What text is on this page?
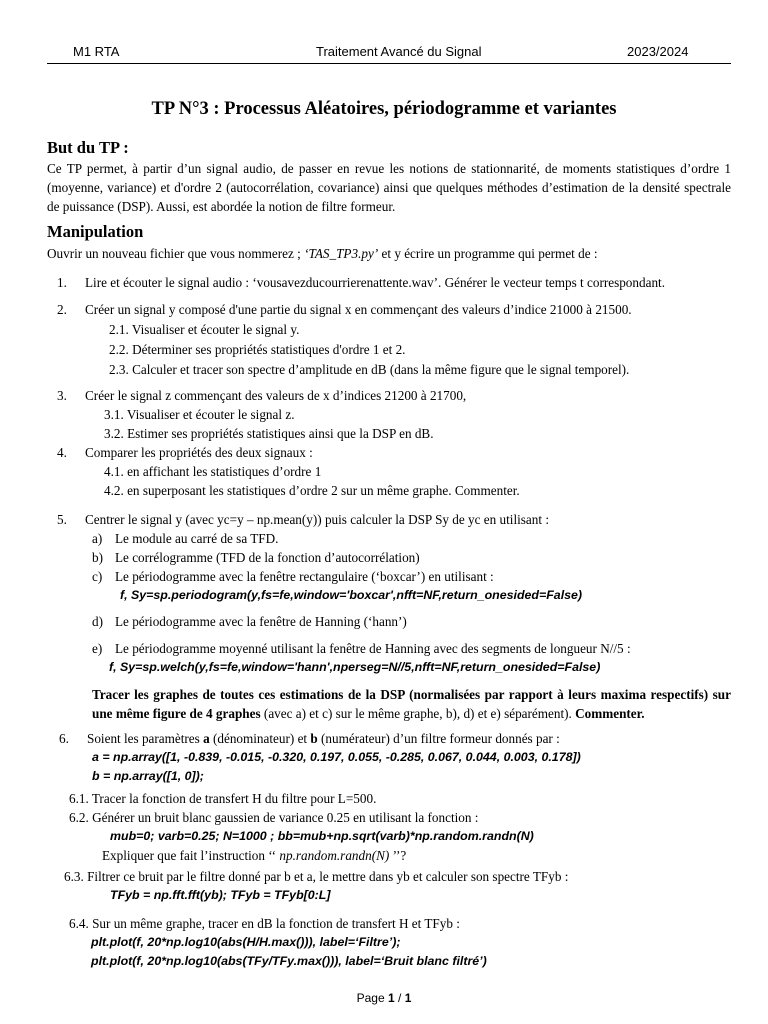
M1 RTA	Traitement Avancé du Signal	2023/2024
TP N°3 : Processus Aléatoires, périodogramme et variantes
But du TP :

Ce TP permet, à partir d’un signal audio, de passer en revue les notions de stationnarité, de moments statistiques d’ordre 1 (moyenne, variance) et d'ordre 2 (autocorrélation, covariance) ainsi que quelques méthodes d’estimation de la densité spectrale de puissance (DSP). Aussi, est abordée la notion de filtre formeur.

Manipulation

Ouvrir un nouveau fichier que vous nommerez ; ‘TAS_TP3.py’ et y écrire un programme qui permet de :

1. Lire et écouter le signal audio : ‘vousavezducourrierenattente.wav’. Générer le vecteur temps t correspondant.
2. Créer un signal y composé d'une partie du signal x en commençant des valeurs d’indice 21000 à 21500.

2.1. Visualiser et écouter le signal y.

2.2. Déterminer ses propriétés statistiques d'ordre 1 et 2.

2.3. Calculer et tracer son spectre d’amplitude en dB (dans la même figure que le signal temporel).

3. Créer le signal z commençant des valeurs de x d’indices 21200 à 21700,

3.1. Visualiser et écouter le signal z.

3.2. Estimer ses propriétés statistiques ainsi que la DSP en dB.

4. Comparer les propriétés des deux signaux :

4.1. en affichant les statistiques d’ordre 1

4.2. en superposant les statistiques d’ordre 2 sur un même graphe. Commenter.

5. Centrer le signal y (avec yc=y – np.mean(y)) puis calculer la DSP Sy de yc en utilisant :
a) Le module au carré de sa TFD.
b) Le corrélogramme (TFD de la fonction d’autocorrélation)
c) Le périodogramme avec la fenêtre rectangulaire (‘boxcar’) en utilisant :

f, Sy=sp.periodogram(y,fs=fe,window='boxcar',nfft=NF,return_onesided=False)

d) Le périodogramme avec la fenêtre de Hanning (‘hann’)
e) Le périodogramme moyenné utilisant la fenêtre de Hanning avec des segments de longueur N//5 :

f, Sy=sp.welch(y,fs=fe,window='hann',nperseg=N//5,nfft=NF,return_onesided=False)

Tracer les graphes de toutes ces estimations de la DSP (normalisées par rapport à leurs maxima respectifs) sur une même figure de 4 graphes (avec a) et c) sur le même graphe, b), d) et e) séparément). Commenter.

6. Soient les paramètres a (dénominateur) et b (numérateur) d’un filtre formeur donnés par :

a = np.array([1, -0.839, -0.015, -0.320, 0.197, 0.055, -0.285, 0.067, 0.044, 0.003, 0.178])

b = np.array([1, 0]);

6.1. Tracer la fonction de transfert H du filtre pour L=500.

6.2. Générer un bruit blanc gaussien de variance 0.25 en utilisant la fonction :

mub=0; varb=0.25; N=1000 ; bb=mub+np.sqrt(varb)*np.random.randn(N)

Expliquer que fait l’instruction ‘‘ np.random.randn(N) ’’?

6.3. Filtrer ce bruit par le filtre donné par b et a, le mettre dans yb et calculer son spectre TFyb :

TFyb = np.fft.fft(yb); TFyb = TFyb[0:L]

6.4. Sur un même graphe, tracer en dB la fonction de transfert H et TFyb :

plt.plot(f, 20*np.log10(abs(H/H.max())), label=‘Filtre’);

plt.plot(f, 20*np.log10(abs(TFy/TFy.max())), label=‘Bruit blanc filtré’)

Page 1 / 1
